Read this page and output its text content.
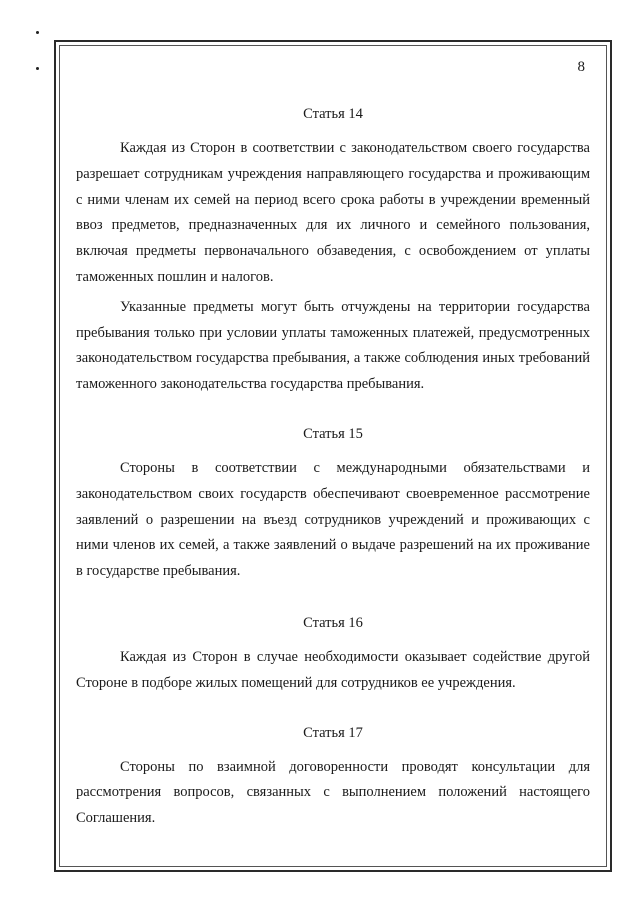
8
Статья 14

Каждая из Сторон в соответствии с законодательством своего государства разрешает сотрудникам учреждения направляющего государства и проживающим с ними членам их семей на период всего срока работы в учреждении временный ввоз предметов, предназначенных для их личного и семейного пользования, включая предметы первоначального обзаведения, с освобождением от уплаты таможенных пошлин и налогов.

Указанные предметы могут быть отчуждены на территории государства пребывания только при условии уплаты таможенных платежей, предусмотренных законодательством государства пребывания, а также соблюдения иных требований таможенного законодательства государства пребывания.

Статья 15

Стороны в соответствии с международными обязательствами и законодательством своих государств обеспечивают своевременное рассмотрение заявлений о разрешении на въезд сотрудников учреждений и проживающих с ними членов их семей, а также заявлений о выдаче разрешений на их проживание в государстве пребывания.

Статья 16

Каждая из Сторон в случае необходимости оказывает содействие другой Стороне в подборе жилых помещений для сотрудников ее учреждения.

Статья 17

Стороны по взаимной договоренности проводят консультации для рассмотрения вопросов, связанных с выполнением положений настоящего Соглашения.
